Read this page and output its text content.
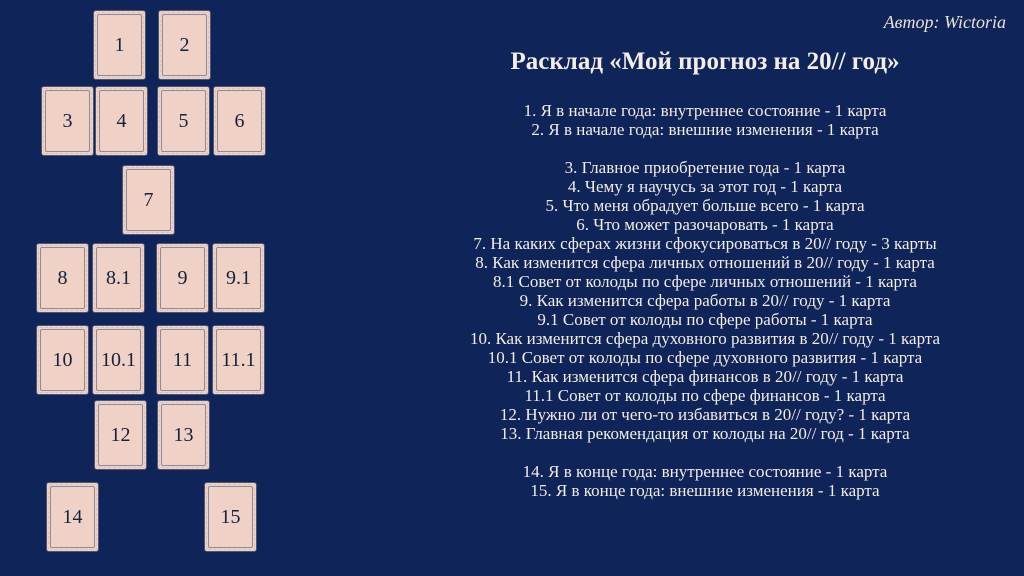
Автор: Wictoria
Расклад «Мой прогноз на 20// год»
1	2
3 4	5 6
7
8 8.1 9 9.1
10 10.1 11 11.1
12 13
14	15
1. Я в начале года: внутреннее состояние - 1 карта
2. Я в начале года: внешние изменения - 1 карта
3. Главное приобретение года - 1 карта
4. Чему я научусь за этот год - 1 карта
5. Что меня обрадует больше всего - 1 карта
6. Что может разочаровать - 1 карта
7. На каких сферах жизни сфокусироваться в 20// году - 3 карты
8. Как изменится сфера личных отношений в 20// году - 1 карта
8.1 Совет от колоды по сфере личных отношений - 1 карта
9. Как изменится сфера работы в 20// году - 1 карта
9.1 Совет от колоды по сфере работы - 1 карта
10. Как изменится сфера духовного развития в 20// году - 1 карта
10.1 Совет от колоды по сфере духовного развития - 1 карта
11. Как изменится сфера финансов в 20// году - 1 карта
11.1 Совет от колоды по сфере финансов - 1 карта
12. Нужно ли от чего-то избавиться в 20// году? - 1 карта
13. Главная рекомендация от колоды на 20// год - 1 карта
14. Я в конце года: внутреннее состояние - 1 карта
15. Я в конце года: внешние изменения - 1 карта
